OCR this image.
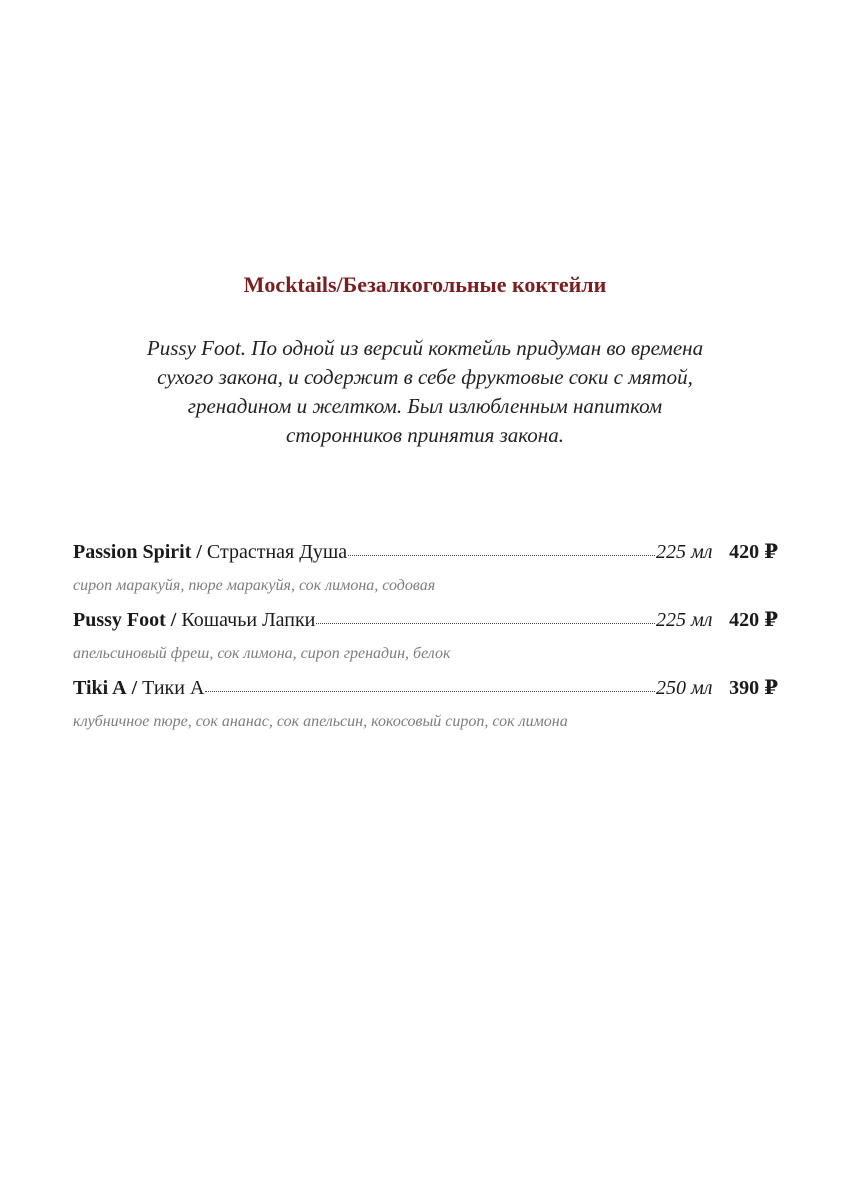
Mocktails/Безалкогольные коктейли

Pussy Foot. По одной из версий коктейль придуман во времена
сухого закона, и содержит в себе фруктовые соки с мятой,
гренадином и желтком. Был излюбленным напитком
сторонников принятия закона.

Passion Spirit / Страстная Душа	225 мл 420 ₽
сироп маракуйя, пюре маракуйя, сок лимона, содовая
Pussy Foot / Кошачьи Лапки	225 мл 420 ₽
апельсиновый фреш, сок лимона, сироп гренадин, белок
Tiki A / Тики А	250 мл 390 ₽
клубничное пюре, сок ананас, сок апельсин, кокосовый сироп, сок лимона
